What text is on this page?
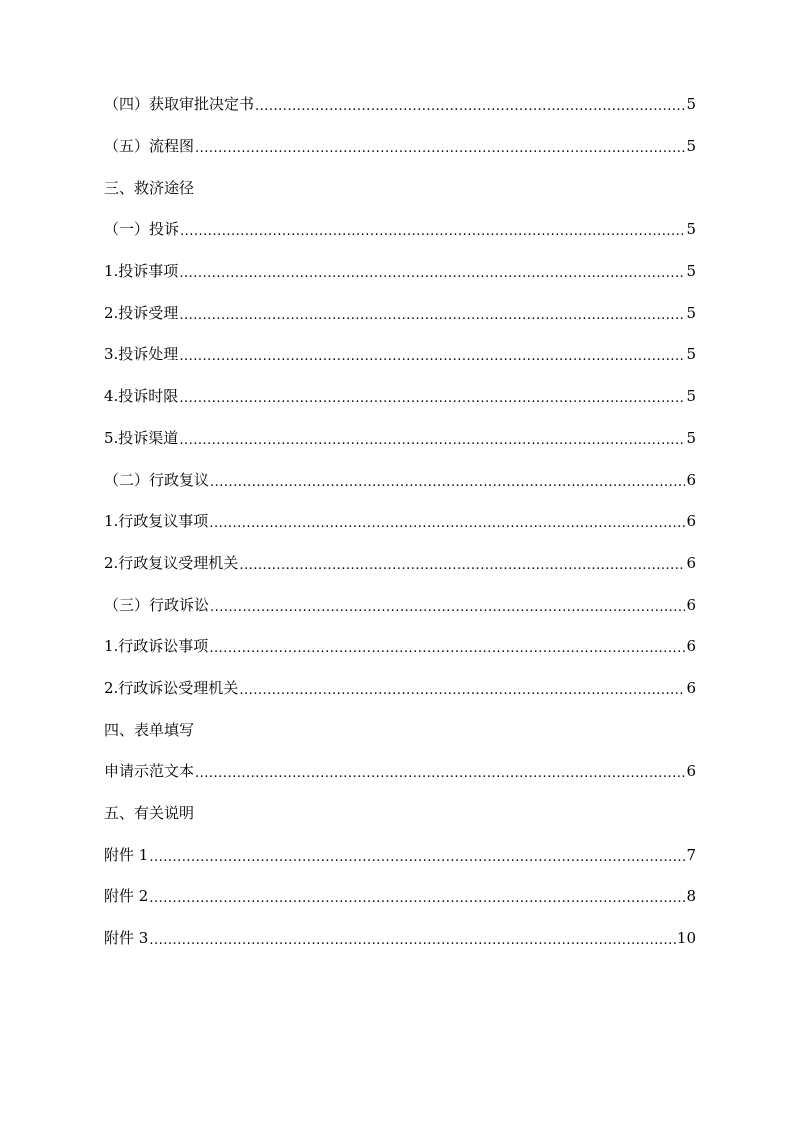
（四）获取审批决定书 .....	5
（五）流程图 .....	5
三、救济途径
（一）投诉 .....	5
1.投诉事项 .....	5
2.投诉受理 .....	5
3.投诉处理 .....	5
4.投诉时限 .....	5
5.投诉渠道 .....	5
（二）行政复议 .....	6
1.行政复议事项 .....	6
2.行政复议受理机关 .....	6
（三）行政诉讼 .....	6
1.行政诉讼事项 .....	6
2.行政诉讼受理机关 .....	6
四、表单填写
申请示范文本 .....	6
五、有关说明
附件 1 .....	7
附件 2 .....	8
附件 3 .....	10
